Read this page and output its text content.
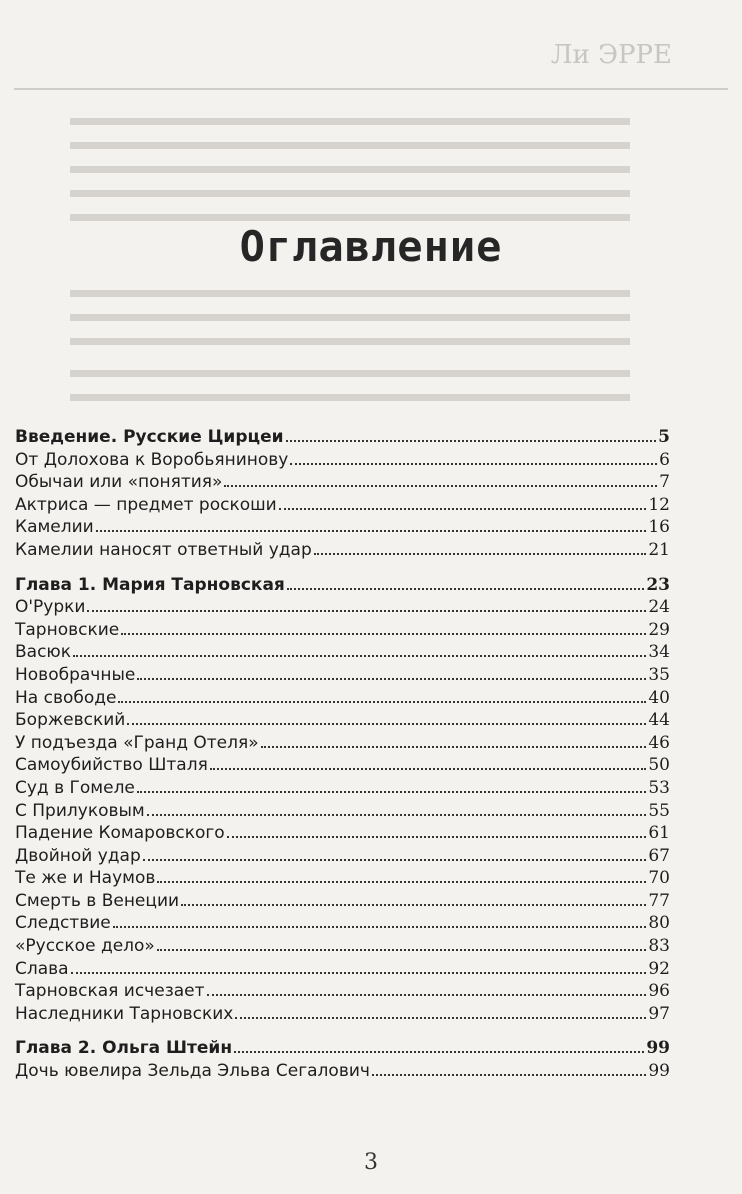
Ли ЭРРЕ
Оглавление
Введение. Русские Цирцеи	5
От Долохова к Воробьянинову	6
Обычаи или «понятия»	7
Актриса — предмет роскоши	12
Камелии	16
Камелии наносят ответный удар	21
Глава 1. Мария Тарновская	23
О'Рурки	24
Тарновские	29
Васюк	34
Новобрачные	35
На свободе	40
Боржевский	44
У подъезда «Гранд Отеля»	46
Самоубийство Шталя	50
Суд в Гомеле	53
С Прилуковым	55
Падение Комаровского	61
Двойной удар	67
Те же и Наумов	70
Смерть в Венеции	77
Следствие	80
«Русское дело»	83
Слава	92
Тарновская исчезает	96
Наследники Тарновских	97
Глава 2. Ольга Штейн	99
Дочь ювелира Зельда Эльва Сегалович	99
3
